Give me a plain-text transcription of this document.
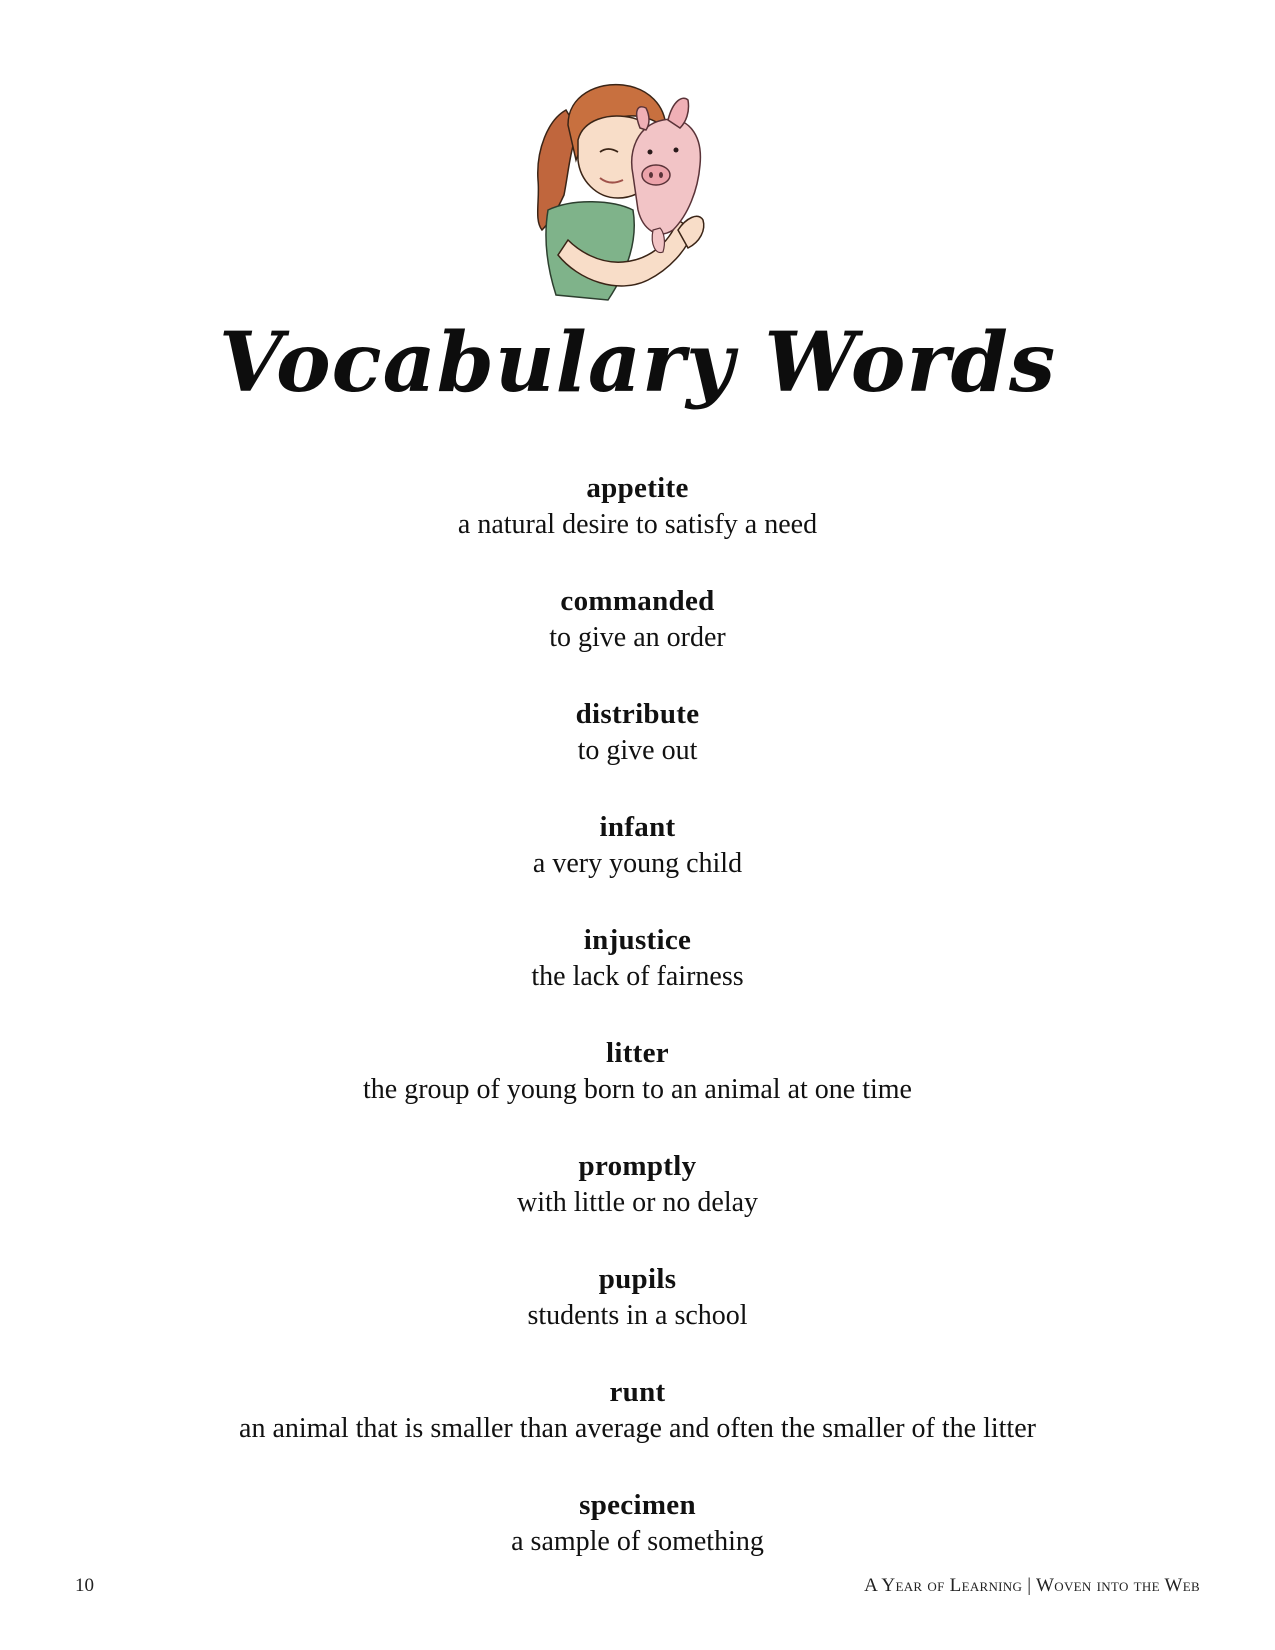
Vocabulary Words
appetite
a natural desire to satisfy a need
commanded
to give an order
distribute
to give out
infant
a very young child
injustice
the lack of fairness
litter
the group of young born to an animal at one time
promptly
with little or no delay
pupils
students in a school
runt
an animal that is smaller than average and often the smaller of the litter
specimen
a sample of something
10	A Year of Learning | Woven into the Web
